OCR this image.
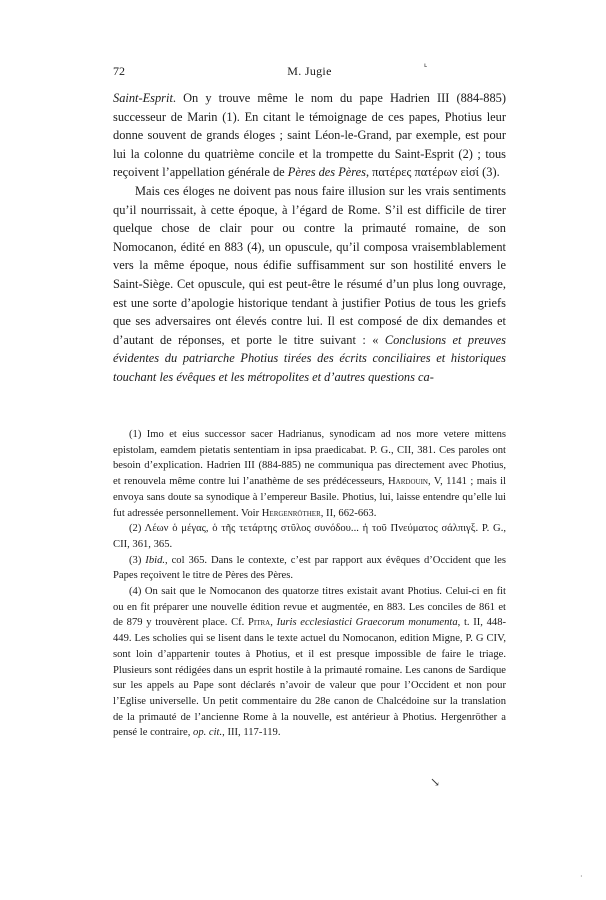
ᒻ
72	M. Jugie

Saint-Esprit. On y trouve même le nom du pape Hadrien III (884-885) successeur de Marin (1). En citant le témoignage de ces papes, Photius leur donne souvent de grands éloges ; saint Léon-le-Grand, par exemple, est pour lui la colonne du quatrième concile et la trompette du Saint-Esprit (2) ; tous reçoivent l’appellation générale de Pères des Pères, πατέρες πατέρων εἰσί (3).

Mais ces éloges ne doivent pas nous faire illusion sur les vrais sentiments qu’il nourrissait, à cette époque, à l’égard de Rome. S’il est difficile de tirer quelque chose de clair pour ou contre la primauté romaine, de son Nomocanon, édité en 883 (4), un opuscule, qu’il composa vraisemblablement vers la même époque, nous édifie suffisamment sur son hostilité envers le Saint-Siège. Cet opuscule, qui est peut-être le résumé d’un plus long ouvrage, est une sorte d’apologie historique tendant à justifier Potius de tous les griefs que ses adversaires ont élevés contre lui. Il est composé de dix demandes et d’autant de réponses, et porte le titre suivant : « Conclusions et preuves évidentes du patriarche Photius tirées des écrits conciliaires et historiques touchant les évêques et les métropolites et d’autres questions ca-

(1) Imo et eius successor sacer Hadrianus, synodicam ad nos more vetere mittens epistolam, eamdem pietatis sententiam in ipsa praedicabat. P. G., CII, 381. Ces paroles ont besoin d’explication. Hadrien III (884-885) ne communiqua pas directement avec Photius, et renouvela même contre lui l’anathème de ses prédécesseurs, Hardouin, V, 1141 ; mais il envoya sans doute sa synodique à l’empereur Basile. Photius, lui, laisse entendre qu’elle lui fut adressée personnellement. Voir Hergenröther, II, 662-663.

(2) Λέων ὁ μέγας, ὁ τῆς τετάρτης στῦλος συνόδου... ἡ τοῦ Πνεύματος σάλπιγξ. P. G., CII, 361, 365.

(3) Ibid., col 365. Dans le contexte, c’est par rapport aux évêques d’Occident que les Papes reçoivent le titre de Pères des Pères.

(4) On sait que le Nomocanon des quatorze titres existait avant Photius. Celui-ci en fit ou en fit préparer une nouvelle édition revue et augmentée, en 883. Les conciles de 861 et de 879 y trouvèrent place. Cf. Pitra, Iuris ecclesiastici Graecorum monumenta, t. II, 448-449. Les scholies qui se lisent dans le texte actuel du Nomocanon, edition Migne, P. G CIV, sont loin d’appartenir toutes à Photius, et il est presque impossible de faire le triage. Plusieurs sont rédigées dans un esprit hostile à la primauté romaine. Les canons de Sardique sur les appels au Pape sont déclarés n’avoir de valeur que pour l’Occident et non pour l’Eglise universelle. Un petit commentaire du 28e canon de Chalcédoine sur la translation de la primauté de l’ancienne Rome à la nouvelle, est antérieur à Photius. Hergenröther a pensé le contraire, op. cit., III, 117-119.

↘
·
